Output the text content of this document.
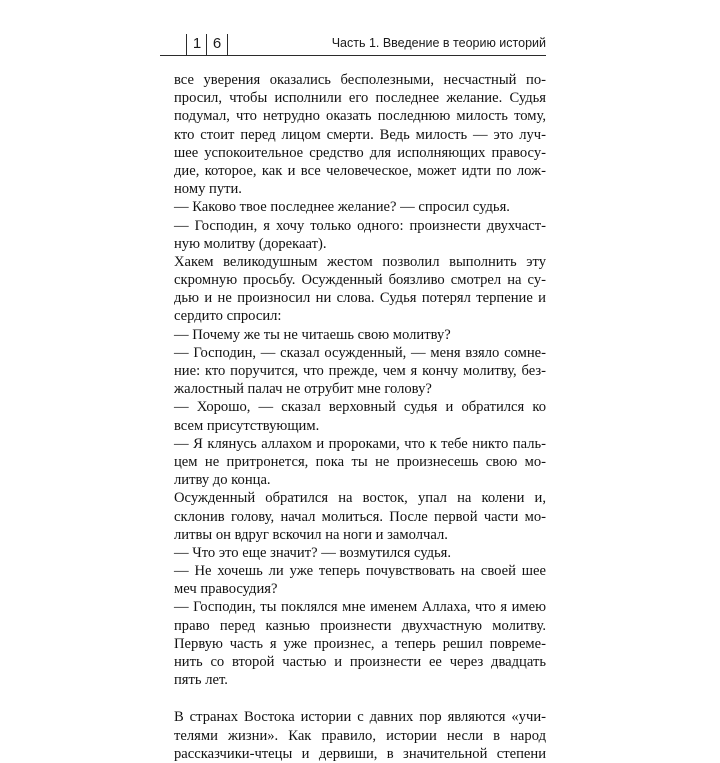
1 6	Часть 1. Введение в теорию историй
все уверения оказались бесполезными, несчастный по-
просил, чтобы исполнили его последнее желание. Судья
подумал, что нетрудно оказать последнюю милость тому,
кто стоит перед лицом смерти. Ведь милость — это луч-
шее успокоительное средство для исполняющих правосу-
дие, которое, как и все человеческое, может идти по лож-
ному пути.
— Каково твое последнее желание? — спросил судья.
— Господин, я хочу только одного: произнести двухчаст-
ную молитву (дорекаат).
Хакем великодушным жестом позволил выполнить эту
скромную просьбу. Осужденный боязливо смотрел на су-
дью и не произносил ни слова. Судья потерял терпение и
сердито спросил:
— Почему же ты не читаешь свою молитву?
— Господин, — сказал осужденный, — меня взяло сомне-
ние: кто поручится, что прежде, чем я кончу молитву, без-
жалостный палач не отрубит мне голову?
— Хорошо, — сказал верховный судья и обратился ко
всем присутствующим.
— Я клянусь аллахом и пророками, что к тебе никто паль-
цем не притронется, пока ты не произнесешь свою мо-
литву до конца.
Осужденный обратился на восток, упал на колени и,
склонив голову, начал молиться. После первой части мо-
литвы он вдруг вскочил на ноги и замолчал.
— Что это еще значит? — возмутился судья.
— Не хочешь ли уже теперь почувствовать на своей шее
меч правосудия?
— Господин, ты поклялся мне именем Аллаха, что я имею
право перед казнью произнести двухчастную молитву.
Первую часть я уже произнес, а теперь решил повреме-
нить со второй частью и произнести ее через двадцать
пять лет.
В странах Востока истории с давних пор являются «учи-
телями жизни». Как правило, истории несли в народ
рассказчики-чтецы и дервиши, в значительной степени
